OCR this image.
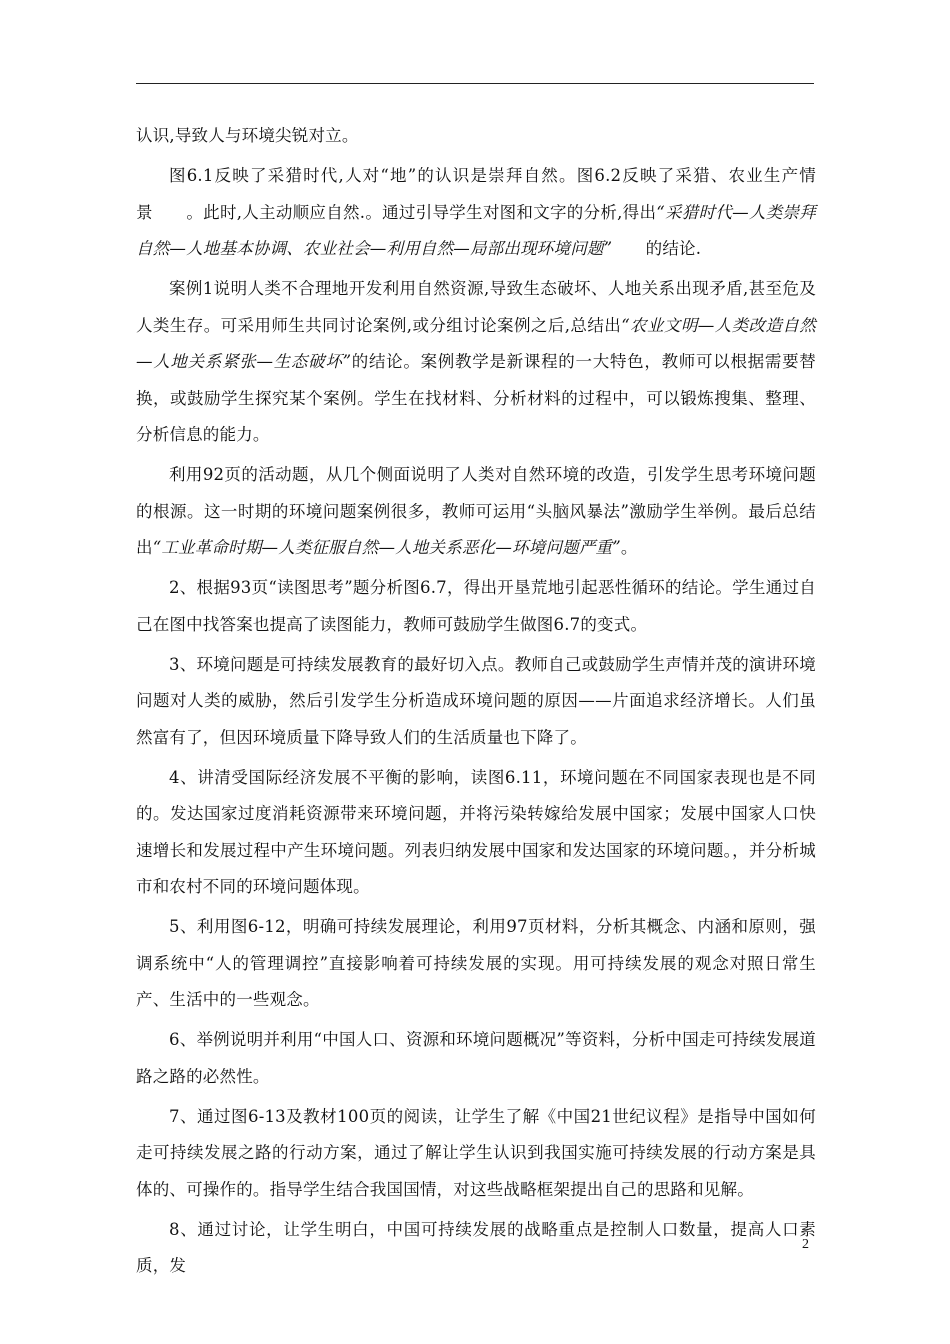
认识,导致人与环境尖锐对立。

图6.1反映了采猎时代,人对“地”的认识是崇拜自然。图6.2反映了采猎、农业生产情景　　。此时,人主动顺应自然.。通过引导学生对图和文字的分析,得出“采猎时代—人类崇拜自然—人地基本协调、农业社会—利用自然—局部出现环境问题”　　的结论.

案例1说明人类不合理地开发利用自然资源,导致生态破坏、人地关系出现矛盾,甚至危及人类生存。可采用师生共同讨论案例,或分组讨论案例之后,总结出“农业文明—人类改造自然—人地关系紧张—生态破坏”的结论。案例教学是新课程的一大特色，教师可以根据需要替换，或鼓励学生探究某个案例。学生在找材料、分析材料的过程中，可以锻炼搜集、整理、分析信息的能力。

利用92页的活动题，从几个侧面说明了人类对自然环境的改造，引发学生思考环境问题的根源。这一时期的环境问题案例很多，教师可运用“头脑风暴法”激励学生举例。最后总结出“工业革命时期—人类征服自然—人地关系恶化—环境问题严重”。

2、根据93页“读图思考”题分析图6.7，得出开垦荒地引起恶性循环的结论。学生通过自己在图中找答案也提高了读图能力，教师可鼓励学生做图6.7的变式。

3、环境问题是可持续发展教育的最好切入点。教师自己或鼓励学生声情并茂的演讲环境问题对人类的威胁，然后引发学生分析造成环境问题的原因——片面追求经济增长。人们虽然富有了，但因环境质量下降导致人们的生活质量也下降了。

4、讲清受国际经济发展不平衡的影响，读图6.11，环境问题在不同国家表现也是不同的。发达国家过度消耗资源带来环境问题，并将污染转嫁给发展中国家；发展中国家人口快速增长和发展过程中产生环境问题。列表归纳发展中国家和发达国家的环境问题。，并分析城市和农村不同的环境问题体现。

5、利用图6-12，明确可持续发展理论，利用97页材料，分析其概念、内涵和原则，强调系统中“人的管理调控”直接影响着可持续发展的实现。用可持续发展的观念对照日常生产、生活中的一些观念。

6、举例说明并利用“中国人口、资源和环境问题概况”等资料，分析中国走可持续发展道路之路的必然性。

7、通过图6-13及教材100页的阅读，让学生了解《中国21世纪议程》是指导中国如何走可持续发展之路的行动方案，通过了解让学生认识到我国实施可持续发展的行动方案是具体的、可操作的。指导学生结合我国国情，对这些战略框架提出自己的思路和见解。

8、通过讨论，让学生明白，中国可持续发展的战略重点是控制人口数量，提高人口素质，发

2
